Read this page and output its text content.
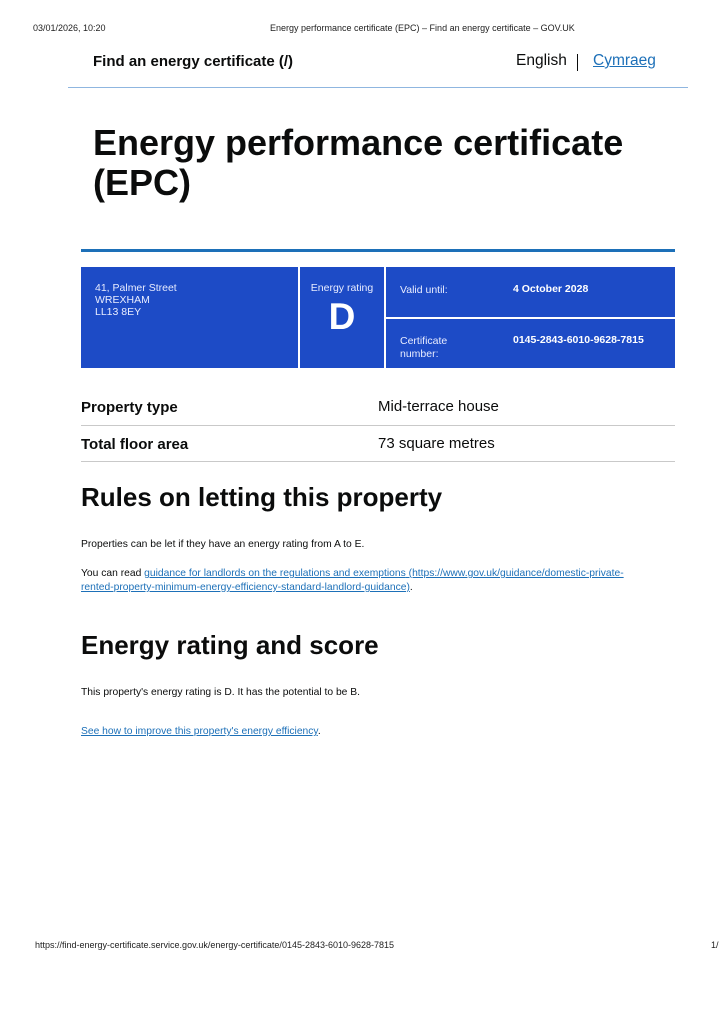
03/01/2026, 10:20	Energy performance certificate (EPC) – Find an energy certificate – GOV.UK
Find an energy certificate (/)	English Cymraeg
Energy performance certificate (EPC)
41, Palmer Street
WREXHAM
LL13 8EY
Energy rating
D
Valid until:	4 October 2028
Certificate number:
0145-2843-6010-9628-7815
Property type	Mid-terrace house
Total floor area	73 square metres
Rules on letting this property
Properties can be let if they have an energy rating from A to E.
You can read guidance for landlords on the regulations and exemptions (https://www.gov.uk/guidance/domestic-private-
rented-property-minimum-energy-efficiency-standard-landlord-guidance).
Energy rating and score
This property's energy rating is D. It has the potential to be B.
See how to improve this property's energy efficiency.
https://find-energy-certificate.service.gov.uk/energy-certificate/0145-2843-6010-9628-7815	1/
